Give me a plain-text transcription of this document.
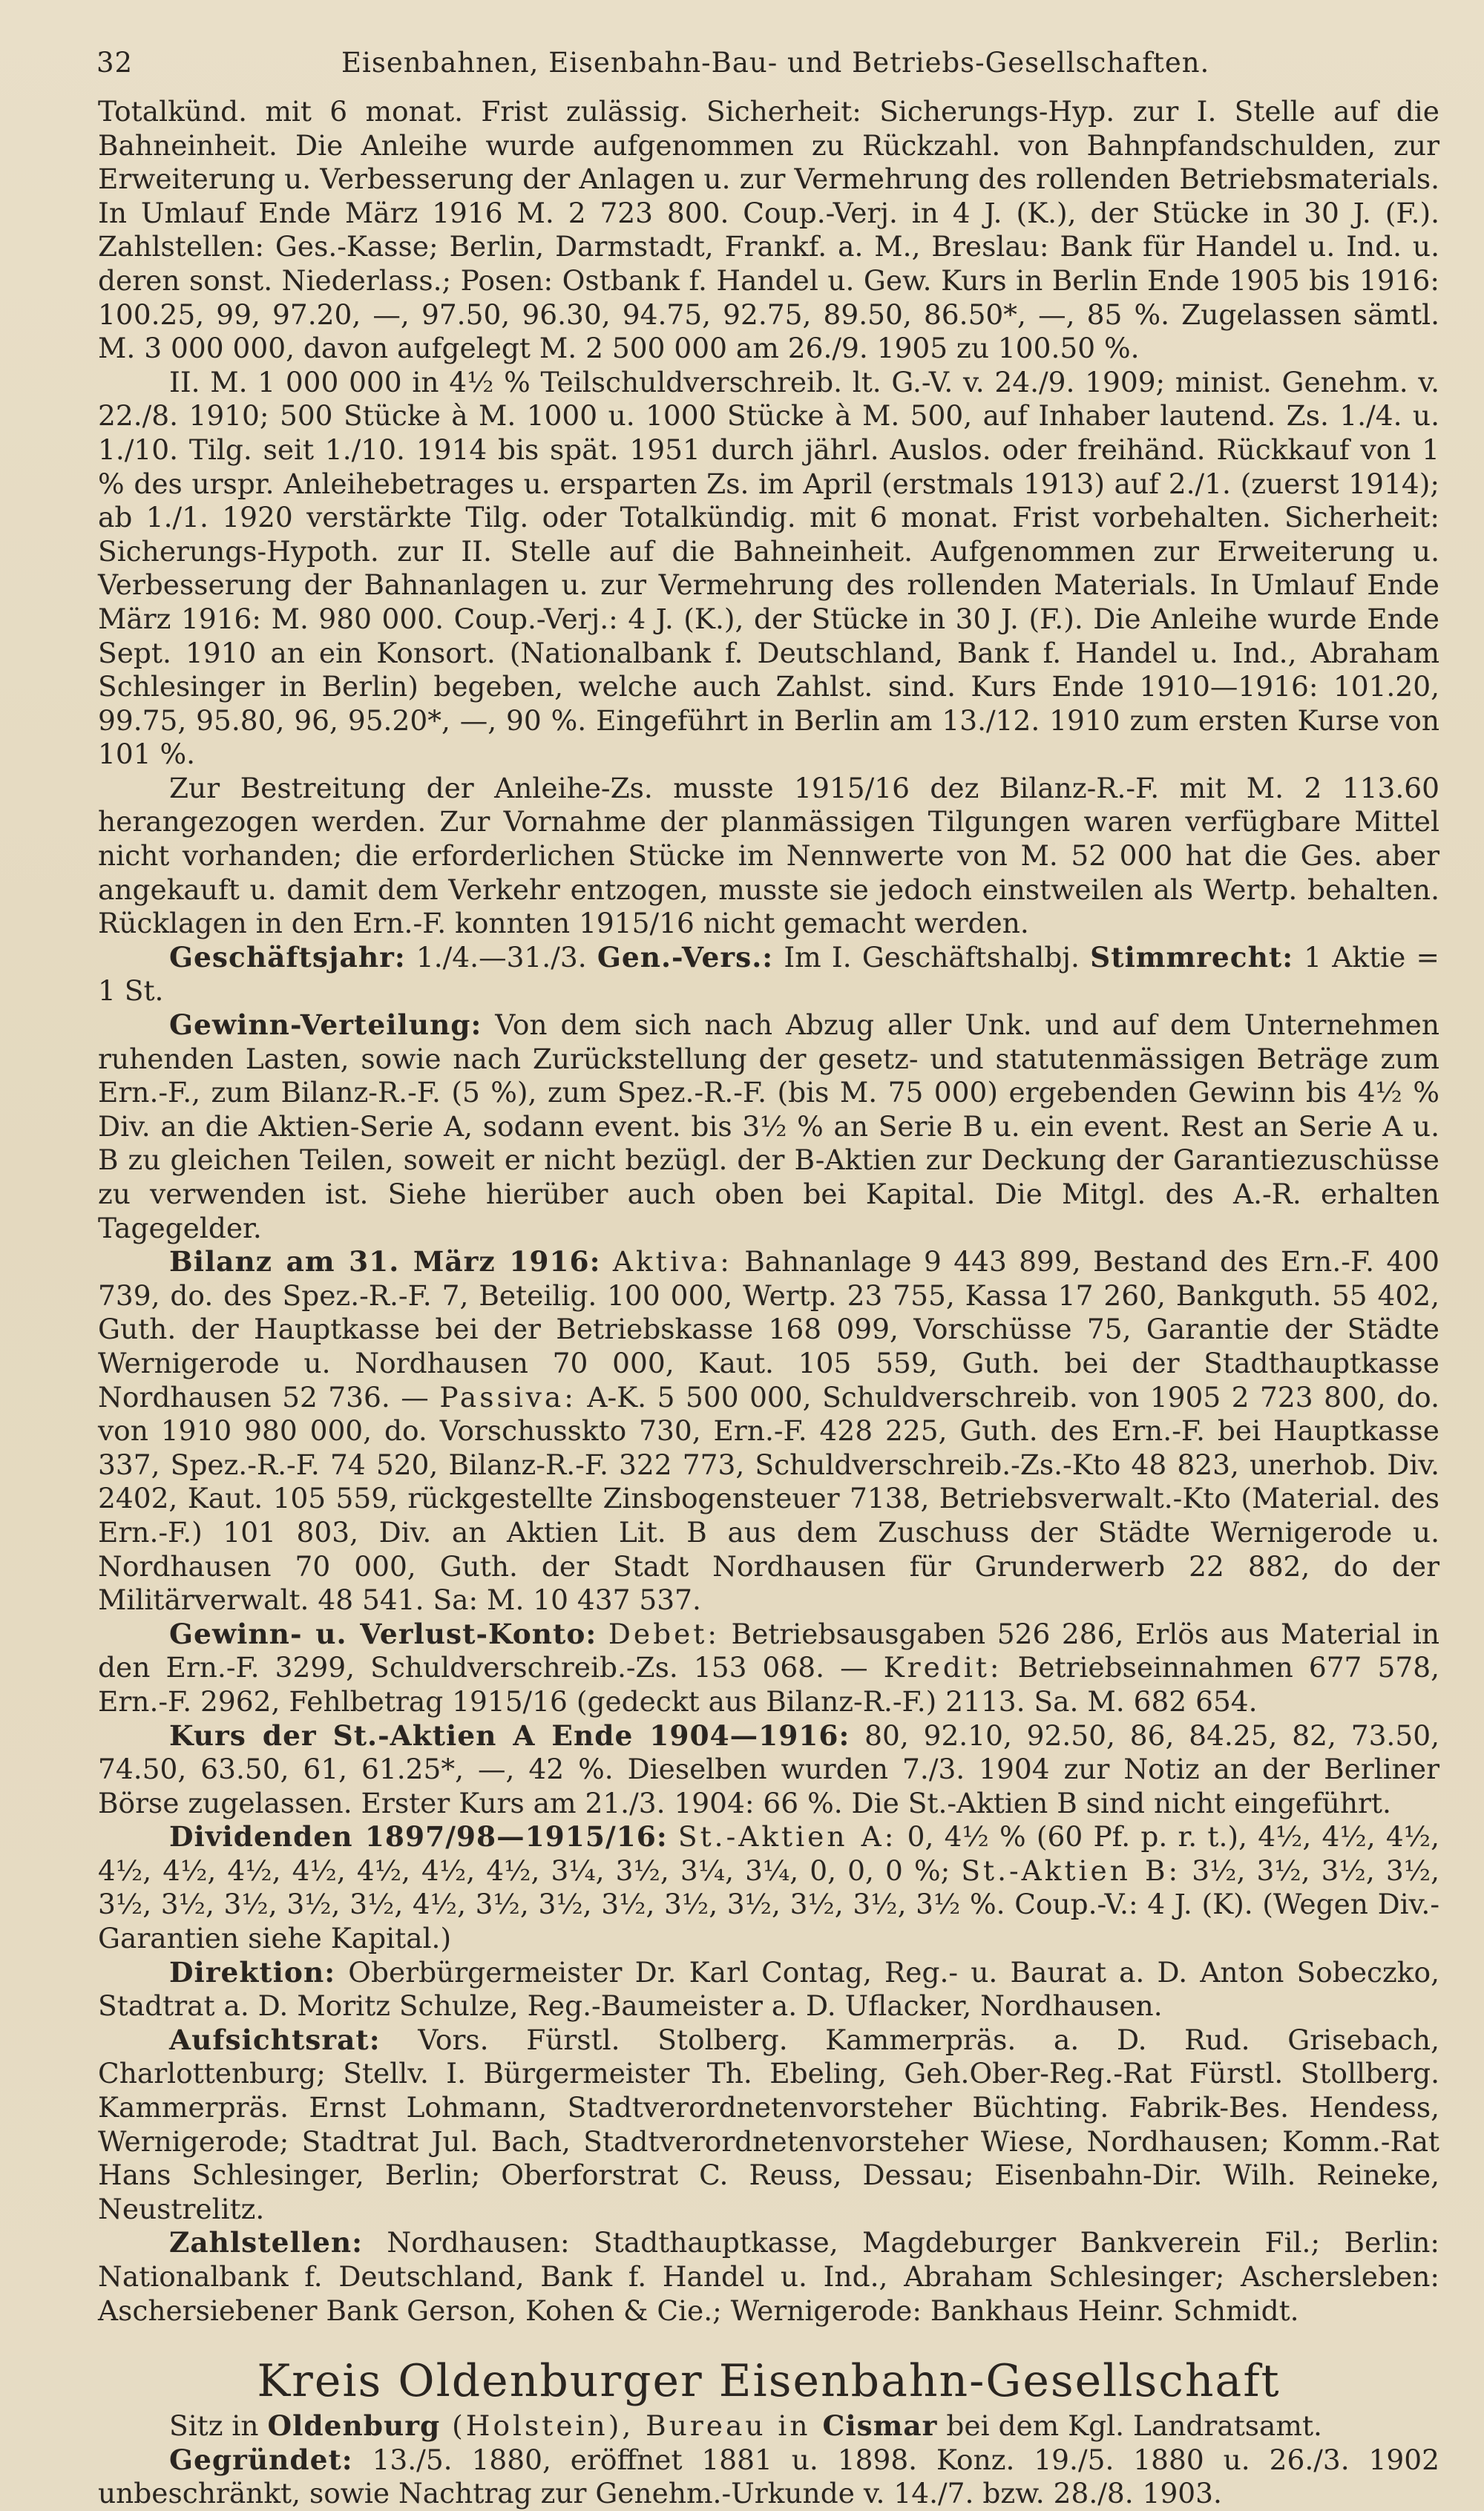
32	Eisenbahnen, Eisenbahn-Bau- und Betriebs-Gesellschaften.

Totalkünd. mit 6 monat. Frist zulässig. Sicherheit: Sicherungs-Hyp. zur I. Stelle auf die Bahneinheit. Die Anleihe wurde aufgenommen zu Rückzahl. von Bahnpfandschulden, zur Erweiterung u. Verbesserung der Anlagen u. zur Vermehrung des rollenden Betriebsmaterials. In Umlauf Ende März 1916 M. 2 723 800. Coup.-Verj. in 4 J. (K.), der Stücke in 30 J. (F.). Zahlstellen: Ges.-Kasse; Berlin, Darmstadt, Frankf. a. M., Breslau: Bank für Handel u. Ind. u. deren sonst. Niederlass.; Posen: Ostbank f. Handel u. Gew. Kurs in Berlin Ende 1905 bis 1916: 100.25, 99, 97.20, —, 97.50, 96.30, 94.75, 92.75, 89.50, 86.50*, —, 85 %. Zugelassen sämtl. M. 3 000 000, davon aufgelegt M. 2 500 000 am 26./9. 1905 zu 100.50 %.

II. M. 1 000 000 in 4½ % Teilschuldverschreib. lt. G.-V. v. 24./9. 1909; minist. Genehm. v. 22./8. 1910; 500 Stücke à M. 1000 u. 1000 Stücke à M. 500, auf Inhaber lautend. Zs. 1./4. u. 1./10. Tilg. seit 1./10. 1914 bis spät. 1951 durch jährl. Auslos. oder freihänd. Rückkauf von 1 % des urspr. Anleihebetrages u. ersparten Zs. im April (erstmals 1913) auf 2./1. (zuerst 1914); ab 1./1. 1920 verstärkte Tilg. oder Totalkündig. mit 6 monat. Frist vorbehalten. Sicherheit: Sicherungs-Hypoth. zur II. Stelle auf die Bahneinheit. Aufgenommen zur Erweiterung u. Verbesserung der Bahnanlagen u. zur Vermehrung des rollenden Materials. In Umlauf Ende März 1916: M. 980 000. Coup.-Verj.: 4 J. (K.), der Stücke in 30 J. (F.). Die Anleihe wurde Ende Sept. 1910 an ein Konsort. (Nationalbank f. Deutschland, Bank f. Handel u. Ind., Abraham Schlesinger in Berlin) begeben, welche auch Zahlst. sind. Kurs Ende 1910—1916: 101.20, 99.75, 95.80, 96, 95.20*, —, 90 %. Eingeführt in Berlin am 13./12. 1910 zum ersten Kurse von 101 %.

Zur Bestreitung der Anleihe-Zs. musste 1915/16 dez Bilanz-R.-F. mit M. 2 113.60 herangezogen werden. Zur Vornahme der planmässigen Tilgungen waren verfügbare Mittel nicht vorhanden; die erforderlichen Stücke im Nennwerte von M. 52 000 hat die Ges. aber angekauft u. damit dem Verkehr entzogen, musste sie jedoch einstweilen als Wertp. behalten. Rücklagen in den Ern.-F. konnten 1915/16 nicht gemacht werden.

Geschäftsjahr: 1./4.—31./3. Gen.-Vers.: Im I. Geschäftshalbj. Stimmrecht: 1 Aktie = 1 St.

Gewinn-Verteilung: Von dem sich nach Abzug aller Unk. und auf dem Unternehmen ruhenden Lasten, sowie nach Zurückstellung der gesetz- und statutenmässigen Beträge zum Ern.-F., zum Bilanz-R.-F. (5 %), zum Spez.-R.-F. (bis M. 75 000) ergebenden Gewinn bis 4½ % Div. an die Aktien-Serie A, sodann event. bis 3½ % an Serie B u. ein event. Rest an Serie A u. B zu gleichen Teilen, soweit er nicht bezügl. der B-Aktien zur Deckung der Garantiezuschüsse zu verwenden ist. Siehe hierüber auch oben bei Kapital. Die Mitgl. des A.-R. erhalten Tagegelder.

Bilanz am 31. März 1916: Aktiva: Bahnanlage 9 443 899, Bestand des Ern.-F. 400 739, do. des Spez.-R.-F. 7, Beteilig. 100 000, Wertp. 23 755, Kassa 17 260, Bankguth. 55 402, Guth. der Hauptkasse bei der Betriebskasse 168 099, Vorschüsse 75, Garantie der Städte Wernigerode u. Nordhausen 70 000, Kaut. 105 559, Guth. bei der Stadthauptkasse Nordhausen 52 736. — Passiva: A-K. 5 500 000, Schuldverschreib. von 1905 2 723 800, do. von 1910 980 000, do. Vorschusskto 730, Ern.-F. 428 225, Guth. des Ern.-F. bei Hauptkasse 337, Spez.-R.-F. 74 520, Bilanz-R.-F. 322 773, Schuldverschreib.-Zs.-Kto 48 823, unerhob. Div. 2402, Kaut. 105 559, rückgestellte Zinsbogensteuer 7138, Betriebsverwalt.-Kto (Material. des Ern.-F.) 101 803, Div. an Aktien Lit. B aus dem Zuschuss der Städte Wernigerode u. Nordhausen 70 000, Guth. der Stadt Nordhausen für Grunderwerb 22 882, do der Militärverwalt. 48 541. Sa: M. 10 437 537.

Gewinn- u. Verlust-Konto: Debet: Betriebsausgaben 526 286, Erlös aus Material in den Ern.-F. 3299, Schuldverschreib.-Zs. 153 068. — Kredit: Betriebseinnahmen 677 578, Ern.-F. 2962, Fehlbetrag 1915/16 (gedeckt aus Bilanz-R.-F.) 2113. Sa. M. 682 654.

Kurs der St.-Aktien A Ende 1904—1916: 80, 92.10, 92.50, 86, 84.25, 82, 73.50, 74.50, 63.50, 61, 61.25*, —, 42 %. Dieselben wurden 7./3. 1904 zur Notiz an der Berliner Börse zugelassen. Erster Kurs am 21./3. 1904: 66 %. Die St.-Aktien B sind nicht eingeführt.

Dividenden 1897/98—1915/16: St.-Aktien A: 0, 4½ % (60 Pf. p. r. t.), 4½, 4½, 4½, 4½, 4½, 4½, 4½, 4½, 4½, 4½, 3¼, 3½, 3¼, 3¼, 0, 0, 0 %; St.-Aktien B: 3½, 3½, 3½, 3½, 3½, 3½, 3½, 3½, 3½, 4½, 3½, 3½, 3½, 3½, 3½, 3½, 3½, 3½ %. Coup.-V.: 4 J. (K). (Wegen Div.-Garantien siehe Kapital.)

Direktion: Oberbürgermeister Dr. Karl Contag, Reg.- u. Baurat a. D. Anton Sobeczko, Stadtrat a. D. Moritz Schulze, Reg.-Baumeister a. D. Uflacker, Nordhausen.

Aufsichtsrat: Vors. Fürstl. Stolberg. Kammerpräs. a. D. Rud. Grisebach, Charlottenburg; Stellv. I. Bürgermeister Th. Ebeling, Geh.Ober-Reg.-Rat Fürstl. Stollberg. Kammerpräs. Ernst Lohmann, Stadtverordnetenvorsteher Büchting. Fabrik-Bes. Hendess, Wernigerode; Stadtrat Jul. Bach, Stadtverordnetenvorsteher Wiese, Nordhausen; Komm.-Rat Hans Schlesinger, Berlin; Oberforstrat C. Reuss, Dessau; Eisenbahn-Dir. Wilh. Reineke, Neustrelitz.

Zahlstellen: Nordhausen: Stadthauptkasse, Magdeburger Bankverein Fil.; Berlin: Nationalbank f. Deutschland, Bank f. Handel u. Ind., Abraham Schlesinger; Aschersleben: Aschersiebener Bank Gerson, Kohen & Cie.; Wernigerode: Bankhaus Heinr. Schmidt.

Kreis Oldenburger Eisenbahn-Gesellschaft

Sitz in Oldenburg (Holstein), Bureau in Cismar bei dem Kgl. Landratsamt.

Gegründet: 13./5. 1880, eröffnet 1881 u. 1898. Konz. 19./5. 1880 u. 26./3. 1902 unbeschränkt, sowie Nachtrag zur Genehm.-Urkunde v. 14./7. bzw. 28./8. 1903.
